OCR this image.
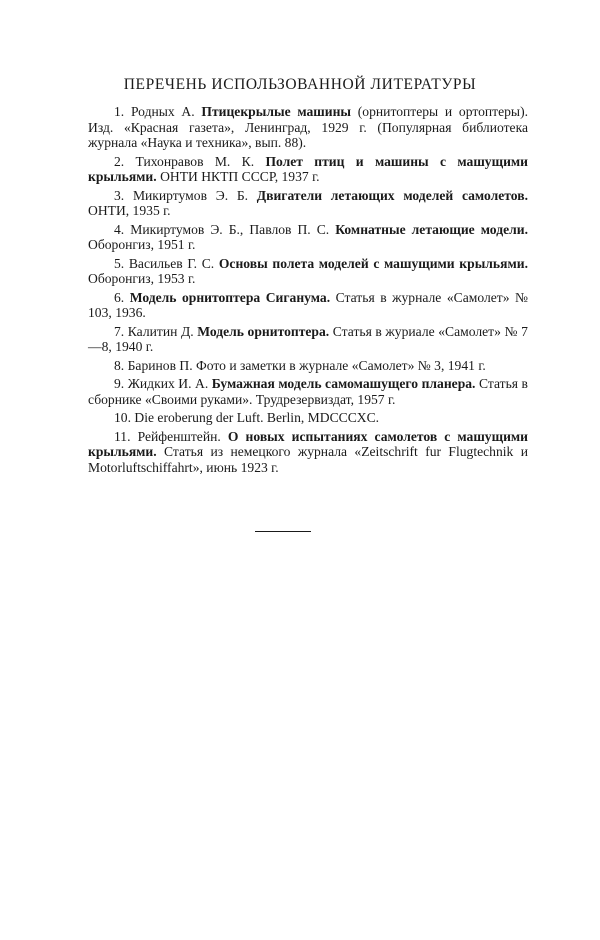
ПЕРЕЧЕНЬ ИСПОЛЬЗОВАННОЙ ЛИТЕРАТУРЫ
1. Родных А. Птицекрылые машины (орнитоптеры и ортоптеры). Изд. «Красная газета», Ленинград, 1929 г. (Популярная библиотека журнала «Наука и техника», вып. 88).
2. Тихонравов М. К. Полет птиц и машины с машущими крыльями. ОНТИ НКТП СССР, 1937 г.
3. Микиртумов Э. Б. Двигатели летающих моделей самолетов. ОНТИ, 1935 г.
4. Микиртумов Э. Б., Павлов П. С. Комнатные летающие модели. Оборонгиз, 1951 г.
5. Васильев Г. С. Основы полета моделей с машущими крыльями. Оборонгиз, 1953 г.
6. Модель орнитоптера Сиганума. Статья в журнале «Самолет» № 103, 1936.
7. Калитин Д. Модель орнитоптера. Статья в журиале «Самолет» № 7—8, 1940 г.
8. Баринов П. Фото и заметки в журнале «Самолет» № 3, 1941 г.
9. Жидких И. А. Бумажная модель самомашущего планера. Статья в сборнике «Своими руками». Трудрезервиздат, 1957 г.
10. Die eroberung der Luft. Berlin, MDCCCXC.
11. Рейфенштейн. О новых испытаниях самолетов с машущими крыльями. Статья из немецкого журнала «Zeitschrift fur Flugtechnik и Motorluftschiffahrt», июнь 1923 г.
